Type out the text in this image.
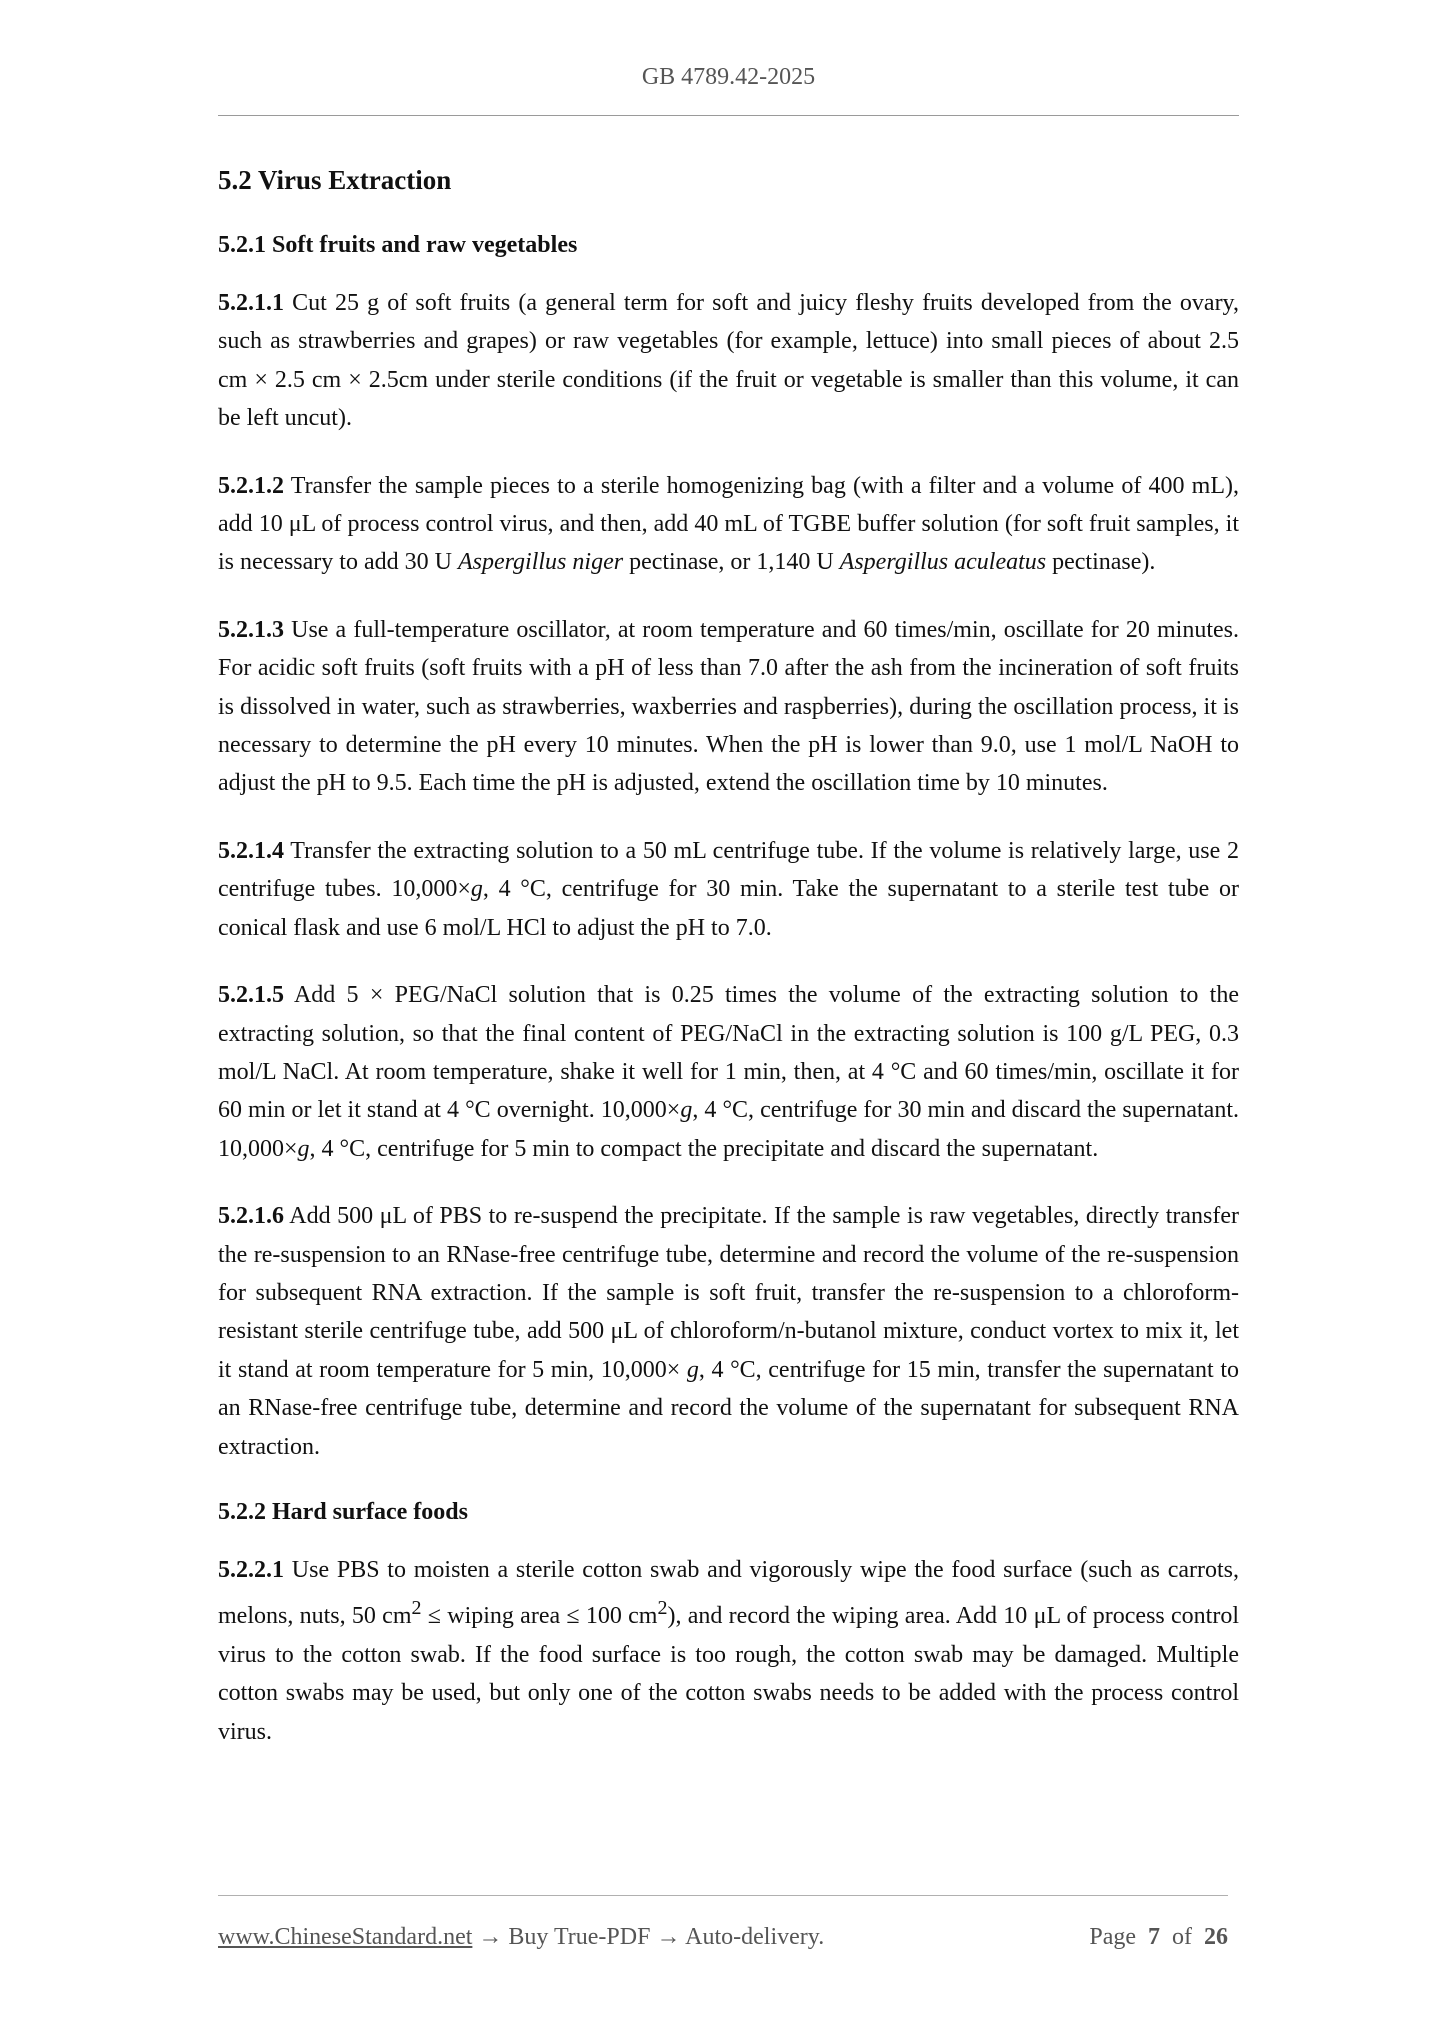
GB 4789.42-2025
5.2 Virus Extraction
5.2.1 Soft fruits and raw vegetables

5.2.1.1 Cut 25 g of soft fruits (a general term for soft and juicy fleshy fruits developed from the ovary, such as strawberries and grapes) or raw vegetables (for example, lettuce) into small pieces of about 2.5 cm × 2.5 cm × 2.5cm under sterile conditions (if the fruit or vegetable is smaller than this volume, it can be left uncut).

5.2.1.2 Transfer the sample pieces to a sterile homogenizing bag (with a filter and a volume of 400 mL), add 10 μL of process control virus, and then, add 40 mL of TGBE buffer solution (for soft fruit samples, it is necessary to add 30 U Aspergillus niger pectinase, or 1,140 U Aspergillus aculeatus pectinase).

5.2.1.3 Use a full-temperature oscillator, at room temperature and 60 times/min, oscillate for 20 minutes. For acidic soft fruits (soft fruits with a pH of less than 7.0 after the ash from the incineration of soft fruits is dissolved in water, such as strawberries, waxberries and raspberries), during the oscillation process, it is necessary to determine the pH every 10 minutes. When the pH is lower than 9.0, use 1 mol/L NaOH to adjust the pH to 9.5. Each time the pH is adjusted, extend the oscillation time by 10 minutes.

5.2.1.4 Transfer the extracting solution to a 50 mL centrifuge tube. If the volume is relatively large, use 2 centrifuge tubes. 10,000×g, 4 °C, centrifuge for 30 min. Take the supernatant to a sterile test tube or conical flask and use 6 mol/L HCl to adjust the pH to 7.0.

5.2.1.5 Add 5 × PEG/NaCl solution that is 0.25 times the volume of the extracting solution to the extracting solution, so that the final content of PEG/NaCl in the extracting solution is 100 g/L PEG, 0.3 mol/L NaCl. At room temperature, shake it well for 1 min, then, at 4 °C and 60 times/min, oscillate it for 60 min or let it stand at 4 °C overnight. 10,000×g, 4 °C, centrifuge for 30 min and discard the supernatant. 10,000×g, 4 °C, centrifuge for 5 min to compact the precipitate and discard the supernatant.

5.2.1.6 Add 500 μL of PBS to re-suspend the precipitate. If the sample is raw vegetables, directly transfer the re-suspension to an RNase-free centrifuge tube, determine and record the volume of the re-suspension for subsequent RNA extraction. If the sample is soft fruit, transfer the re-suspension to a chloroform-resistant sterile centrifuge tube, add 500 μL of chloroform/n-butanol mixture, conduct vortex to mix it, let it stand at room temperature for 5 min, 10,000× g, 4 °C, centrifuge for 15 min, transfer the supernatant to an RNase-free centrifuge tube, determine and record the volume of the supernatant for subsequent RNA extraction.

5.2.2 Hard surface foods

5.2.2.1 Use PBS to moisten a sterile cotton swab and vigorously wipe the food surface (such as carrots, melons, nuts, 50 $cm^2$ ≤ wiping area ≤ 100 $cm^2$), and record the wiping area. Add 10 μL of process control virus to the cotton swab. If the food surface is too rough, the cotton swab may be damaged. Multiple cotton swabs may be used, but only one of the cotton swabs needs to be added with the process control virus.

www.ChineseStandard.net → Buy True-PDF → Auto-delivery.	Page 7 of 26
